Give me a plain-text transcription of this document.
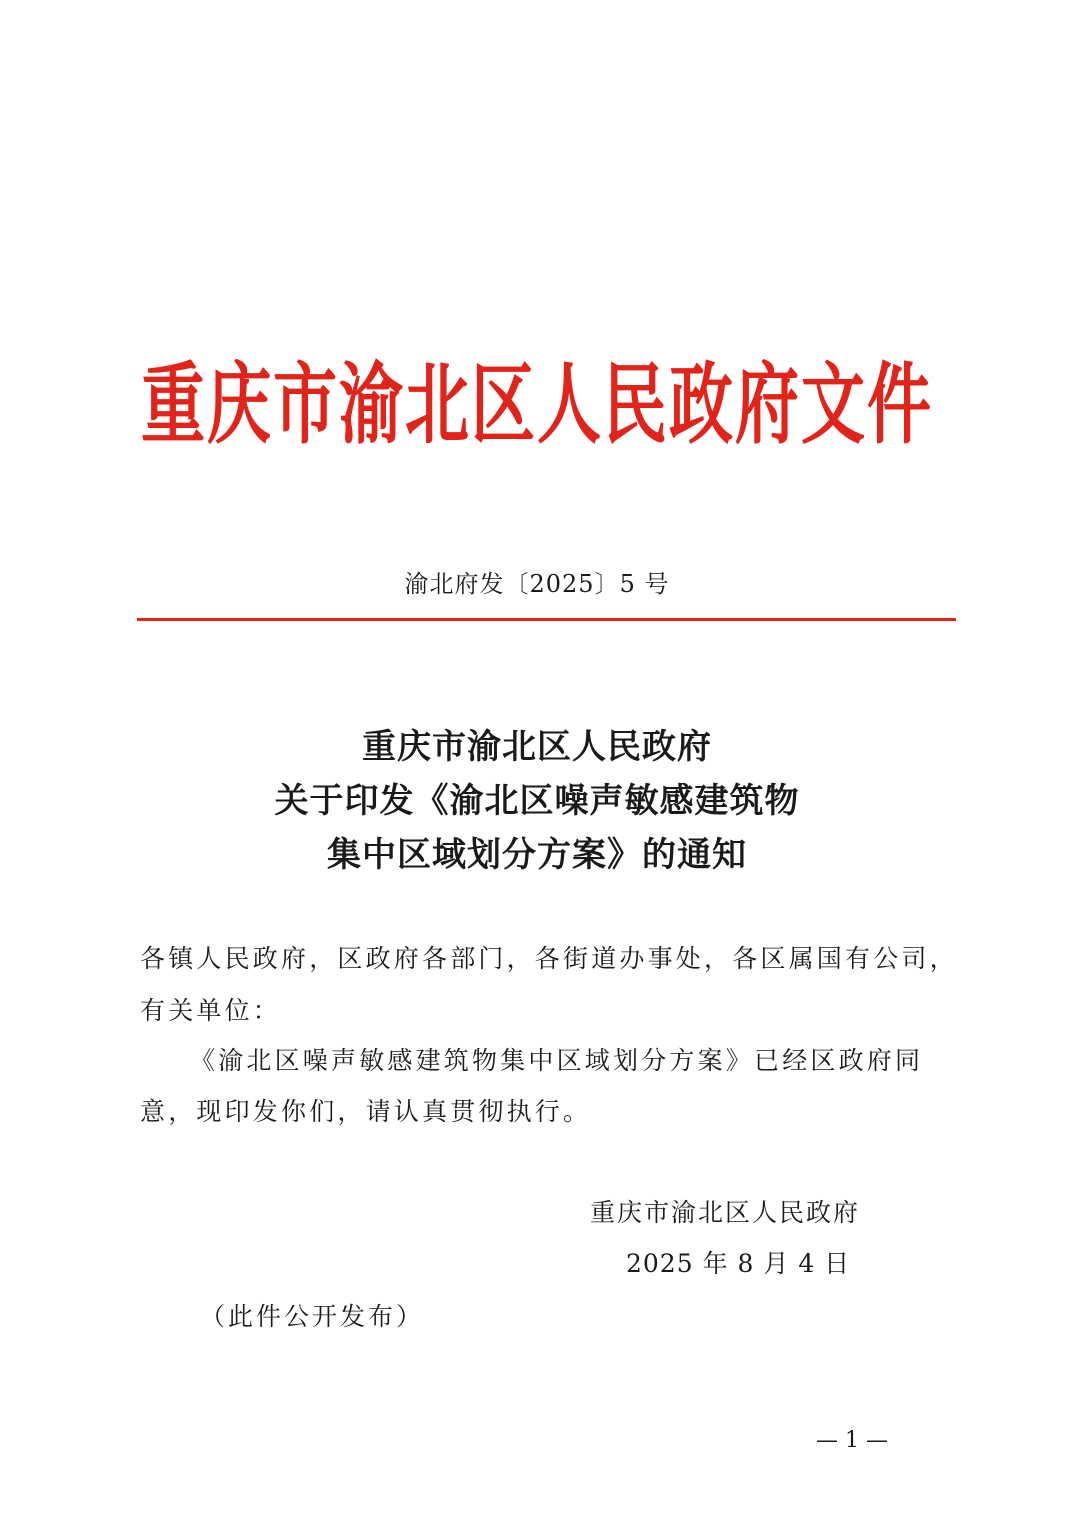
重庆市渝北区人民政府文件
渝北府发〔2025〕5 号
重庆市渝北区人民政府
关于印发《渝北区噪声敏感建筑物
集中区域划分方案》的通知
各镇人民政府，区政府各部门，各街道办事处，各区属国有公司，
有关单位：
《渝北区噪声敏感建筑物集中区域划分方案》已经区政府同
意，现印发你们，请认真贯彻执行。
重庆市渝北区人民政府
2025 年 8 月 4 日
（此件公开发布）
— 1 —
